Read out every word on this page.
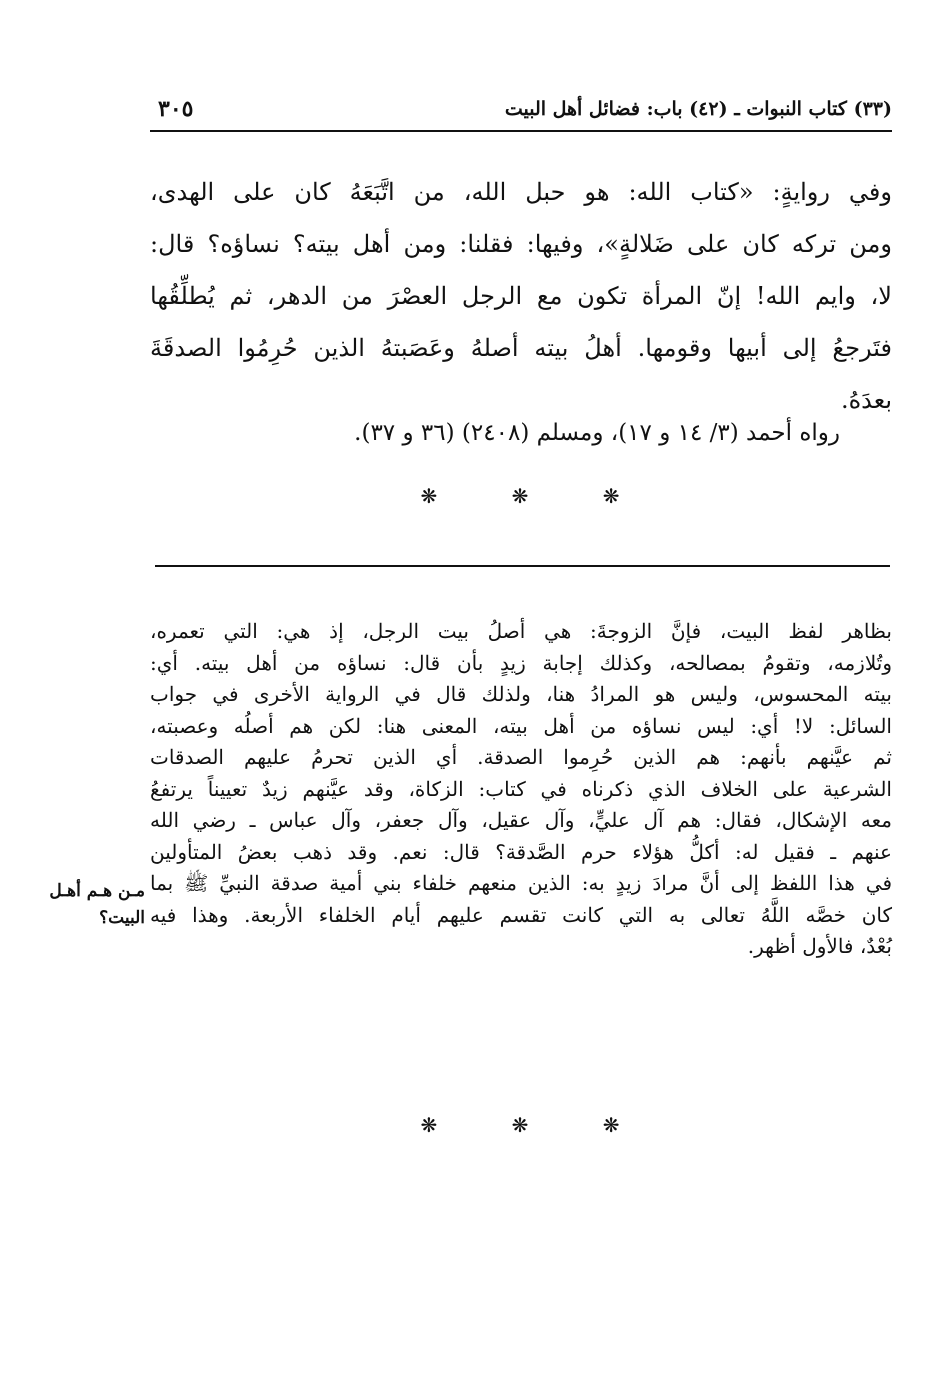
(٣٣) كتاب النبوات ـ (٤٢) باب: فضائل أهل البيت
٣٠٥
وفي روايةٍ: «كتاب الله: هو حبل الله، من اتَّبَعَهُ كان على الهدى،
ومن تركه كان على ضَلالةٍ»، وفيها: فقلنا: ومن أهل بيته؟ نساؤه؟ قال:
لا، وايم الله! إنّ المرأة تكون مع الرجل العصْرَ من الدهر، ثم يُطلِّقُها
فتَرجعُ إلى أبيها وقومها. أهلُ بيته أصلهُ وعَصَبتهُ الذين حُرِمُوا الصدقَةَ
بعدَهُ.
رواه أحمد (٣/ ١٤ و ١٧)، ومسلم (٢٤٠٨) (٣٦ و ٣٧).
❋	❋	❋
بظاهر لفظ البيت، فإنَّ الزوجةَ: هي أصلُ بيت الرجل، إذ هي: التي تعمره،
وتُلازمه، وتقومُ بمصالحه، وكذلك إجابة زيدٍ بأن قال: نساؤه من أهل بيته. أي:
بيته المحسوس، وليس هو المرادُ هنا، ولذلك قال في الرواية الأخرى في جواب
السائل: لا! أي: ليس نساؤه من أهل بيته، المعنى هنا: لكن هم أصلُه وعصبته،
ثم عيَّنهم بأنهم: هم الذين حُرِموا الصدقة. أي الذين تحرمُ عليهم الصدقات
الشرعية على الخلاف الذي ذكرناه في كتاب: الزكاة، وقد عيَّنهم زيدٌ تعييناً يرتفعُ
معه الإشكال، فقال: هم آل عليٍّ، وآل عقيل، وآل جعفر، وآل عباس ـ رضي الله
عنهم ـ فقيل له: أكلُّ هؤلاء حرم الصَّدقة؟ قال: نعم. وقد ذهب بعضُ المتأولين
في هذا اللفظ إلى أنَّ مرادَ زيدٍ به: الذين منعهم خلفاء بني أمية صدقة النبيِّ ﷺ بما
كان خصَّه اللَّهُ تعالى به التي كانت تقسم عليهم أيام الخلفاء الأربعة. وهذا فيه
بُعْدٌ، فالأول أظهر.
مـن هـم أهـل البيت؟
❋	❋	❋
